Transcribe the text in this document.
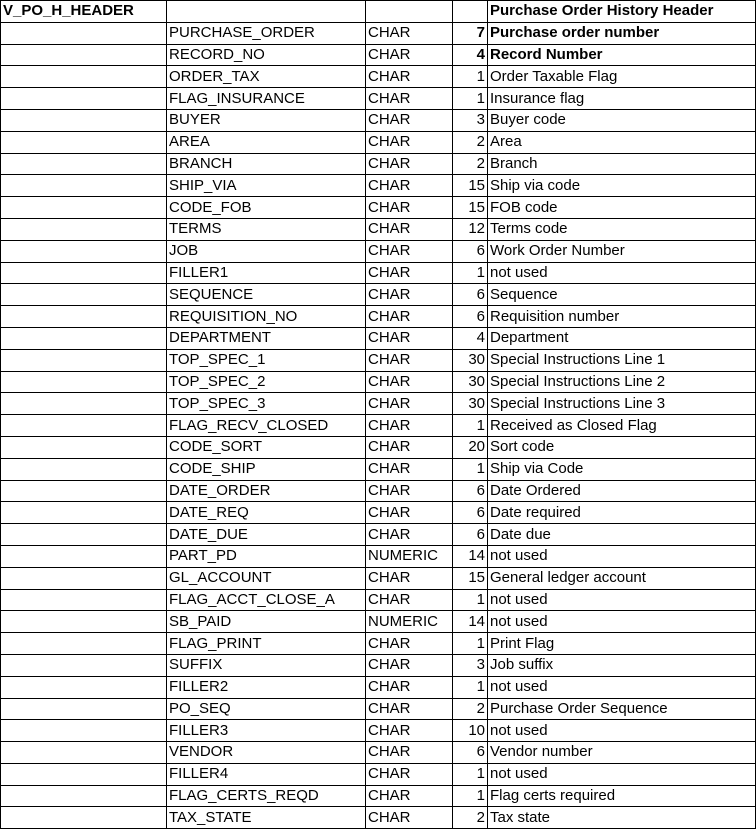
V_PO_H_HEADER				Purchase Order History Header
	PURCHASE_ORDER	CHAR	7	Purchase order number
	RECORD_NO	CHAR	4	Record Number
	ORDER_TAX	CHAR	1	Order Taxable Flag
	FLAG_INSURANCE	CHAR	1	Insurance flag
	BUYER	CHAR	3	Buyer code
	AREA	CHAR	2	Area
	BRANCH	CHAR	2	Branch
	SHIP_VIA	CHAR	15	Ship via code
	CODE_FOB	CHAR	15	FOB code
	TERMS	CHAR	12	Terms code
	JOB	CHAR	6	Work Order Number
	FILLER1	CHAR	1	not used
	SEQUENCE	CHAR	6	Sequence
	REQUISITION_NO	CHAR	6	Requisition number
	DEPARTMENT	CHAR	4	Department
	TOP_SPEC_1	CHAR	30	Special Instructions Line 1
	TOP_SPEC_2	CHAR	30	Special Instructions Line 2
	TOP_SPEC_3	CHAR	30	Special Instructions Line 3
	FLAG_RECV_CLOSED	CHAR	1	Received as Closed Flag
	CODE_SORT	CHAR	20	Sort code
	CODE_SHIP	CHAR	1	Ship via Code
	DATE_ORDER	CHAR	6	Date Ordered
	DATE_REQ	CHAR	6	Date required
	DATE_DUE	CHAR	6	Date due
	PART_PD	NUMERIC	14	not used
	GL_ACCOUNT	CHAR	15	General ledger account
	FLAG_ACCT_CLOSE_A	CHAR	1	not used
	SB_PAID	NUMERIC	14	not used
	FLAG_PRINT	CHAR	1	Print Flag
	SUFFIX	CHAR	3	Job suffix
	FILLER2	CHAR	1	not used
	PO_SEQ	CHAR	2	Purchase Order Sequence
	FILLER3	CHAR	10	not used
	VENDOR	CHAR	6	Vendor number
	FILLER4	CHAR	1	not used
	FLAG_CERTS_REQD	CHAR	1	Flag certs required
	TAX_STATE	CHAR	2	Tax state
